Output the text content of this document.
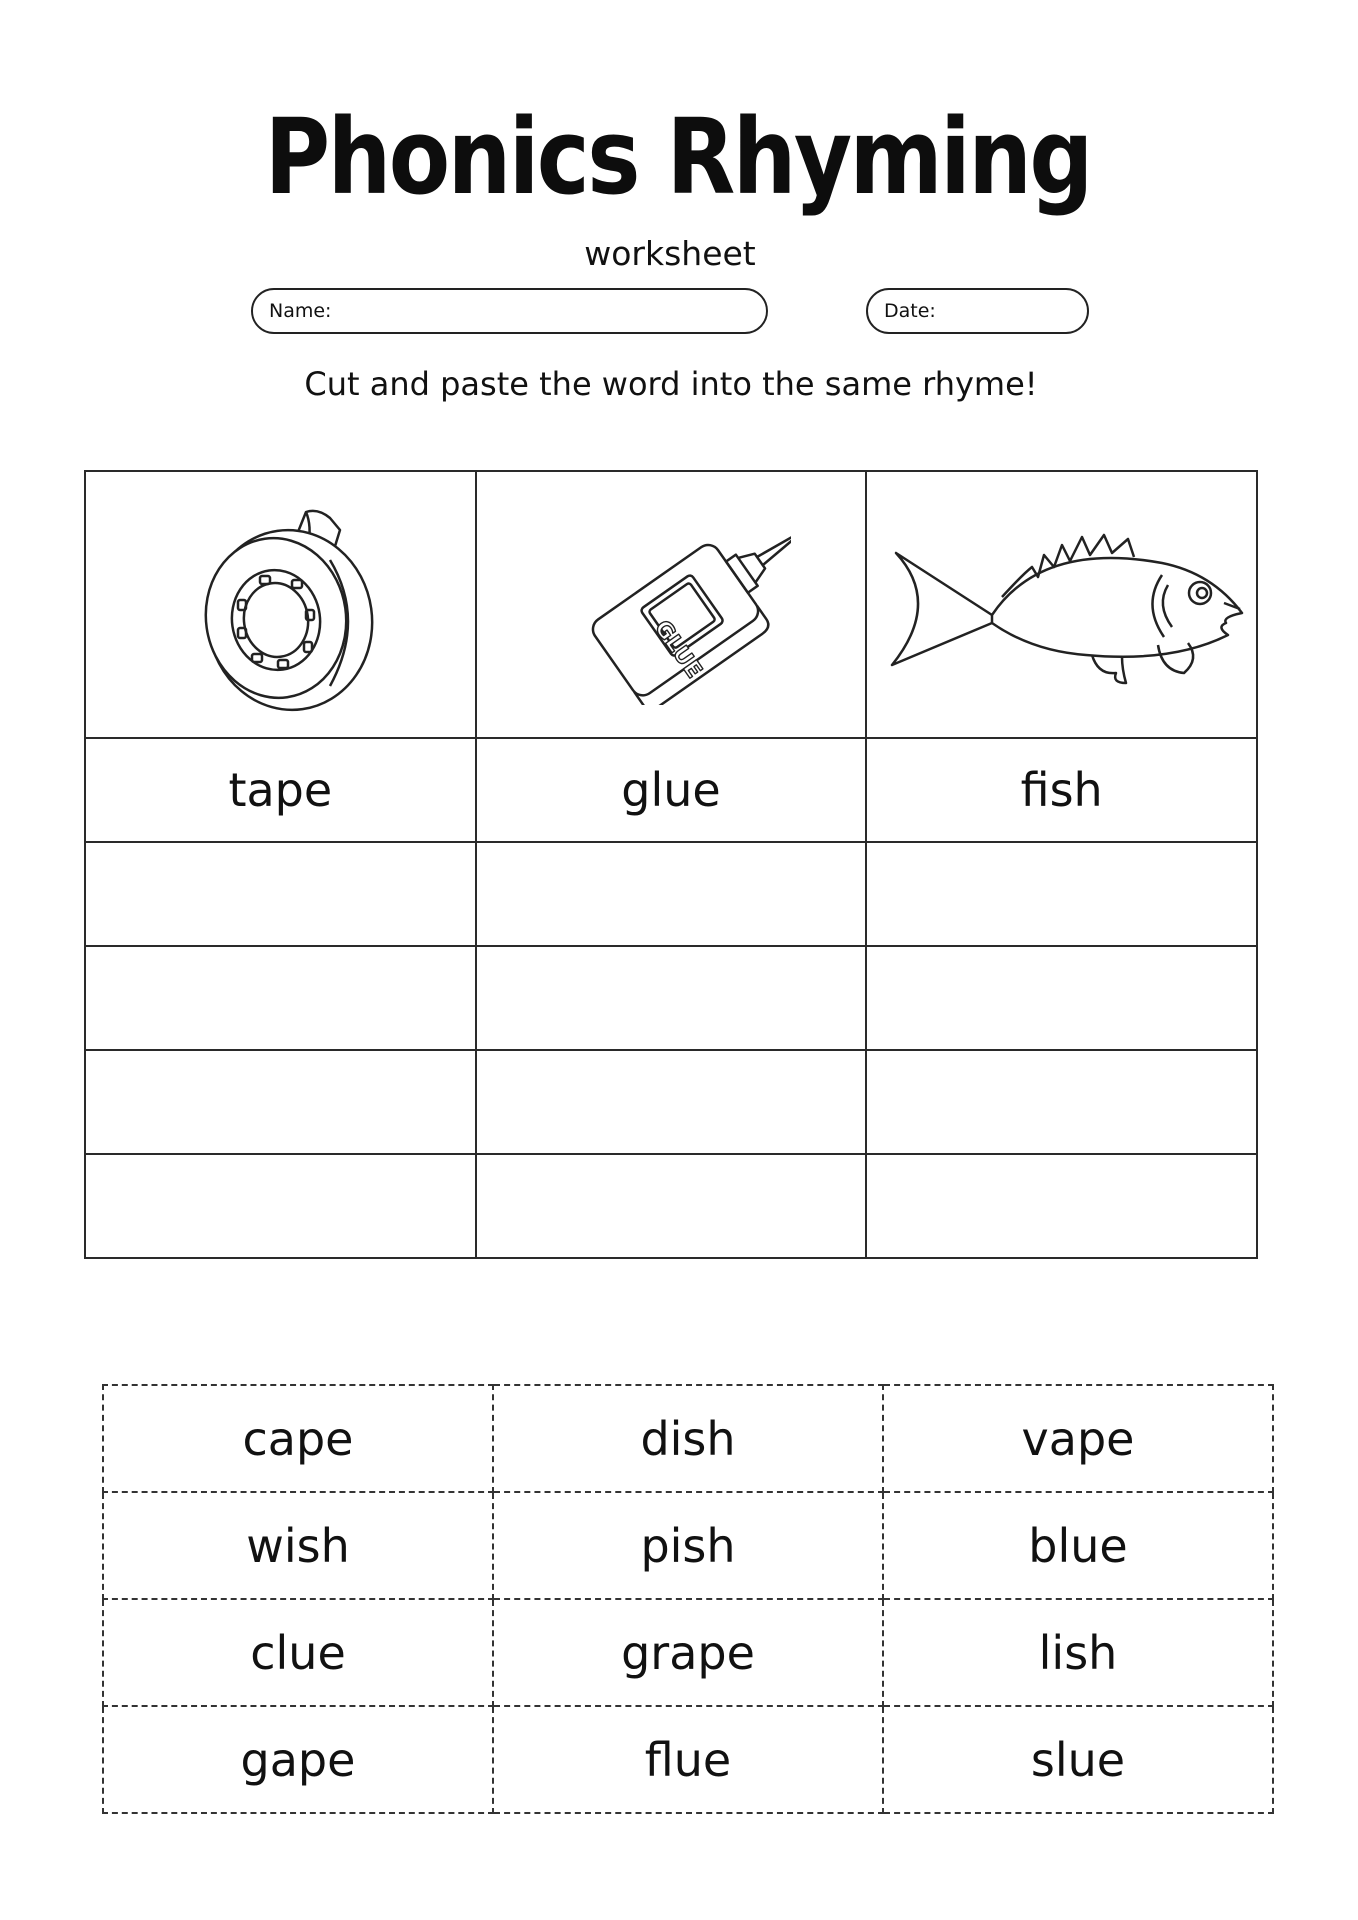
Phonics Rhyming
worksheet
Name:	Date:
Cut and paste the word into the same rhyme!

GLUE

tape	glue	fish

cape	dish	vape
wish	pish	blue
clue	grape	lish
gape	flue	slue
